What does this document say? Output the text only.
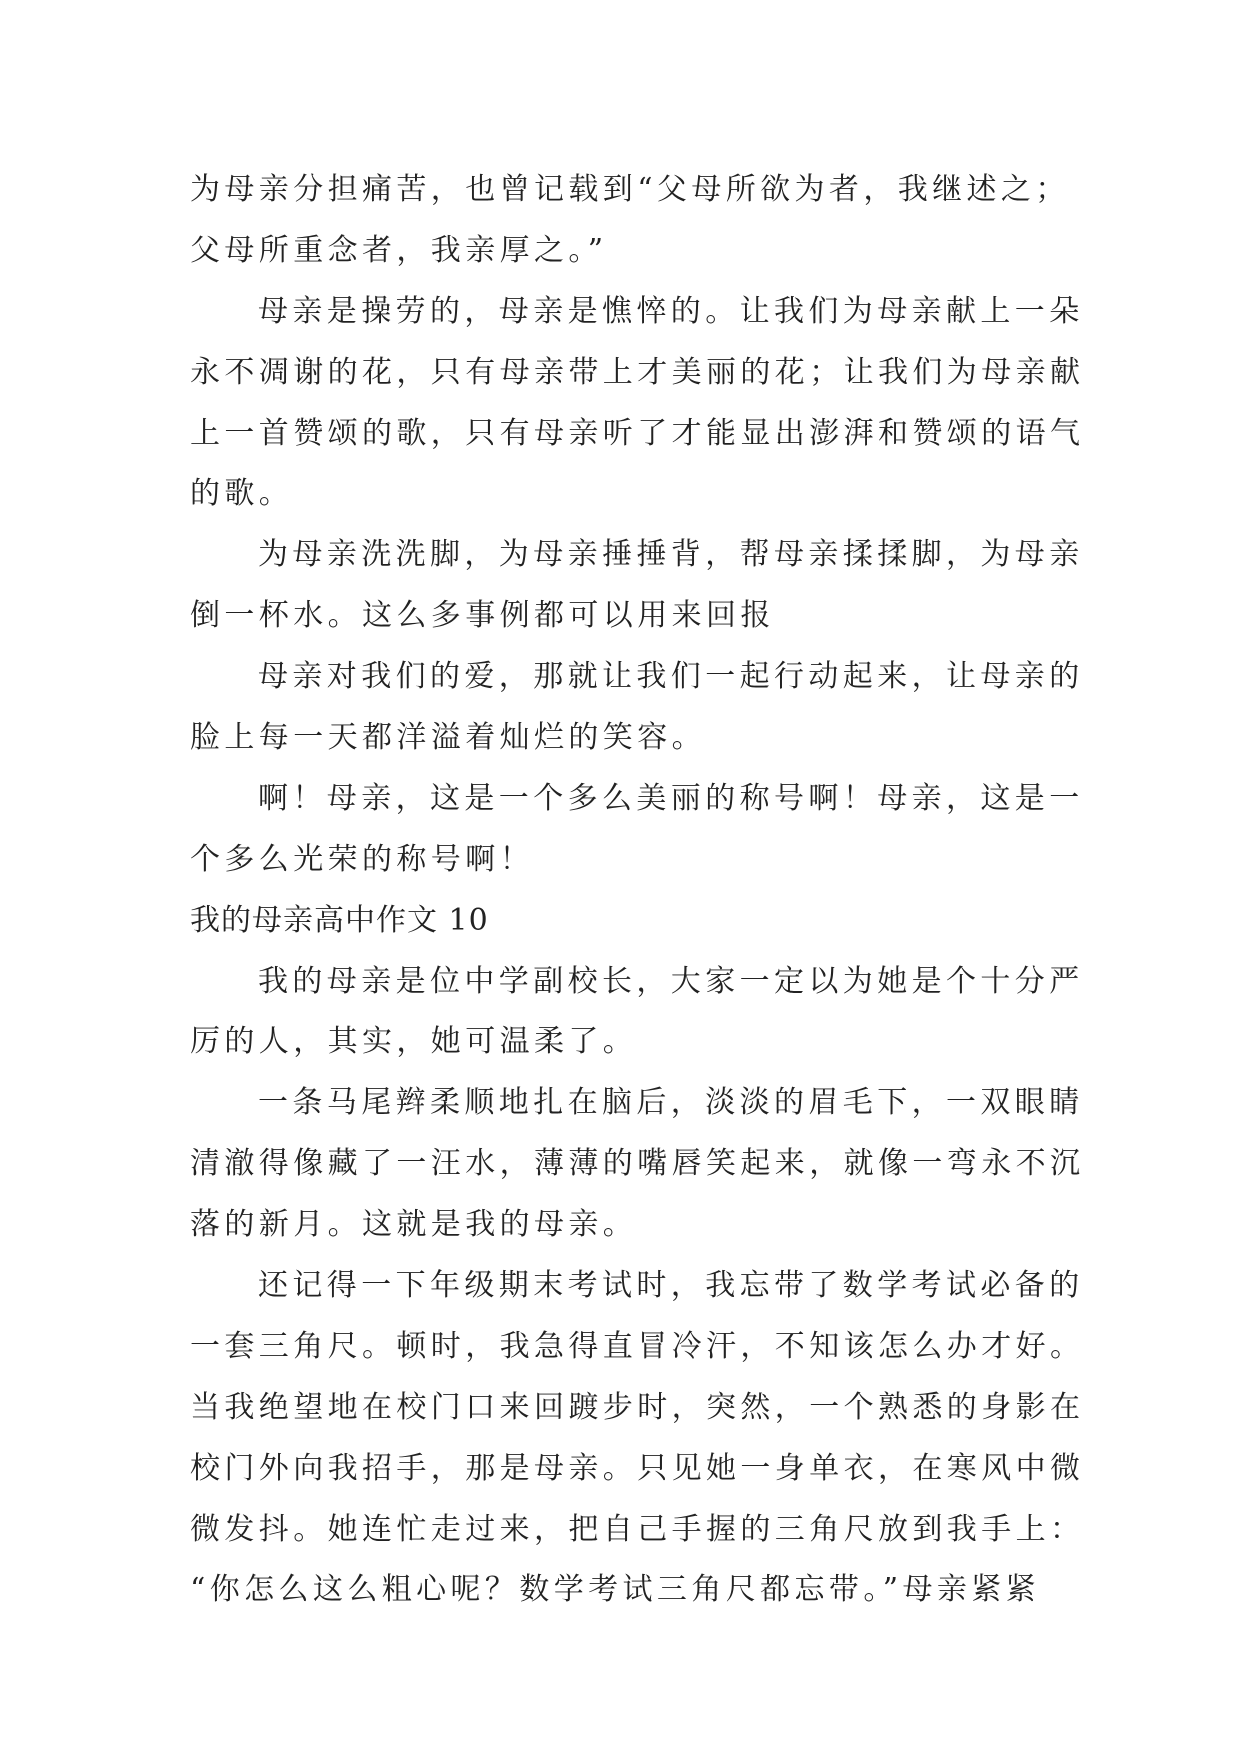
为母亲分担痛苦，也曾记载到“父母所欲为者，我继述之；
父母所重念者，我亲厚之。”
母亲是操劳的，母亲是憔悴的。让我们为母亲献上一朵
永不凋谢的花，只有母亲带上才美丽的花；让我们为母亲献
上一首赞颂的歌，只有母亲听了才能显出澎湃和赞颂的语气
的歌。
为母亲洗洗脚，为母亲捶捶背，帮母亲揉揉脚，为母亲
倒一杯水。这么多事例都可以用来回报
母亲对我们的爱，那就让我们一起行动起来，让母亲的
脸上每一天都洋溢着灿烂的笑容。
啊！母亲，这是一个多么美丽的称号啊！母亲，这是一
个多么光荣的称号啊！
我的母亲高中作文 10
我的母亲是位中学副校长，大家一定以为她是个十分严
厉的人，其实，她可温柔了。
一条马尾辫柔顺地扎在脑后，淡淡的眉毛下，一双眼睛
清澈得像藏了一汪水，薄薄的嘴唇笑起来，就像一弯永不沉
落的新月。这就是我的母亲。
还记得一下年级期末考试时，我忘带了数学考试必备的
一套三角尺。顿时，我急得直冒冷汗，不知该怎么办才好。
当我绝望地在校门口来回踱步时，突然，一个熟悉的身影在
校门外向我招手，那是母亲。只见她一身单衣，在寒风中微
微发抖。她连忙走过来，把自己手握的三角尺放到我手上：
“你怎么这么粗心呢？数学考试三角尺都忘带。”母亲紧紧
